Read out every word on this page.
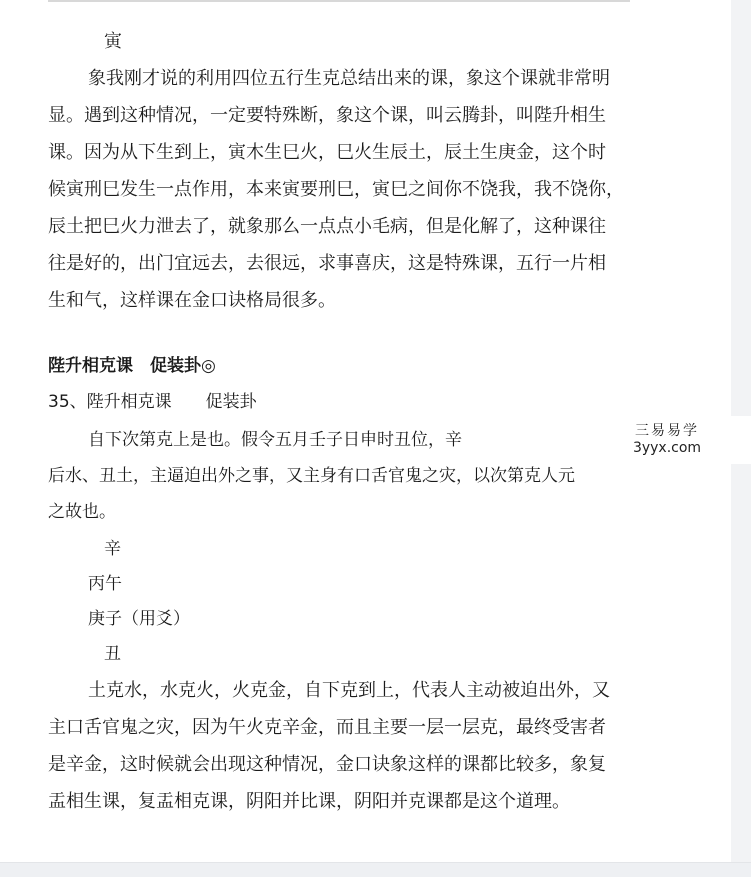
寅
象我刚才说的利用四位五行生克总结出来的课，象这个课就非常明
显。遇到这种情况，一定要特殊断，象这个课，叫云腾卦，叫陛升相生
课。因为从下生到上，寅木生巳火，巳火生辰土，辰土生庚金，这个时
候寅刑巳发生一点作用，本来寅要刑巳，寅巳之间你不饶我，我不饶你，
辰土把巳火力泄去了，就象那么一点点小毛病，但是化解了，这种课往
往是好的，出门宜远去，去很远，求事喜庆，这是特殊课，五行一片相
生和气，这样课在金口诀格局很多。
陛升相克课　促装卦◎
35、陛升相克课　　促装卦
自下次第克上是也。假令五月壬子日申时丑位，辛
后水、丑土，主逼迫出外之事，又主身有口舌官鬼之灾，以次第克人元
之故也。
辛
丙午
庚子（用爻）
丑
土克水，水克火，火克金，自下克到上，代表人主动被迫出外，又
主口舌官鬼之灾，因为午火克辛金，而且主要一层一层克，最终受害者
是辛金，这时候就会出现这种情况，金口诀象这样的课都比较多，象复
盂相生课，复盂相克课，阴阳并比课，阴阳并克课都是这个道理。
三易易学
3yyx.com
